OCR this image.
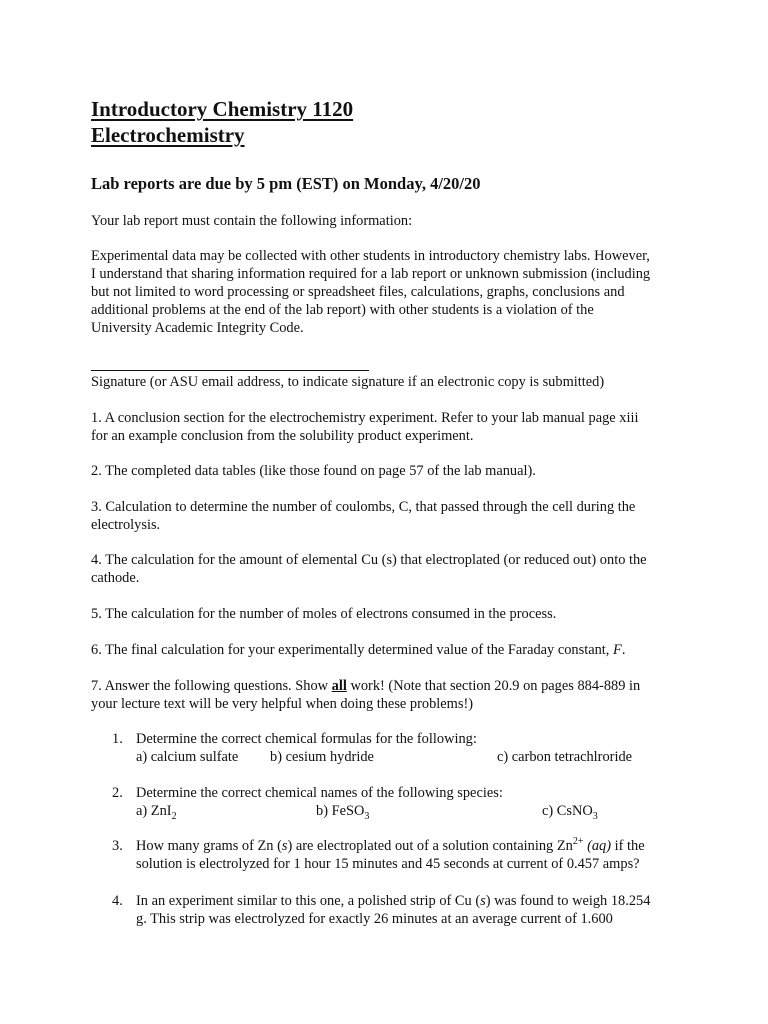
Introductory Chemistry 1120
Electrochemistry
Lab reports are due by 5 pm (EST) on Monday, 4/20/20
Your lab report must contain the following information:
Experimental data may be collected with other students in introductory chemistry labs. However,
I understand that sharing information required for a lab report or unknown submission (including
but not limited to word processing or spreadsheet files, calculations, graphs, conclusions and
additional problems at the end of the lab report) with other students is a violation of the
University Academic Integrity Code.
Signature (or ASU email address, to indicate signature if an electronic copy is submitted)
1. A conclusion section for the electrochemistry experiment. Refer to your lab manual page xiii
for an example conclusion from the solubility product experiment.
2. The completed data tables (like those found on page 57 of the lab manual).
3. Calculation to determine the number of coulombs, C, that passed through the cell during the
electrolysis.
4. The calculation for the amount of elemental Cu (s) that electroplated (or reduced out) onto the
cathode.
5. The calculation for the number of moles of electrons consumed in the process.
6. The final calculation for your experimentally determined value of the Faraday constant, F.
7. Answer the following questions. Show all work! (Note that section 20.9 on pages 884-889 in
your lecture text will be very helpful when doing these problems!)
1. Determine the correct chemical formulas for the following:
a) calcium sulfate b) cesium hydride	c) carbon tetrachlroride
2. Determine the correct chemical names of the following species:
a) ZnI$_2$	b) FeSO$_3$	c) CsNO$_3$
3. How many grams of Zn (s) are electroplated out of a solution containing $Zn^{2+}$ (aq) if the
solution is electrolyzed for 1 hour 15 minutes and 45 seconds at current of 0.457 amps?
4. In an experiment similar to this one, a polished strip of Cu (s) was found to weigh 18.254
g. This strip was electrolyzed for exactly 26 minutes at an average current of 1.600
